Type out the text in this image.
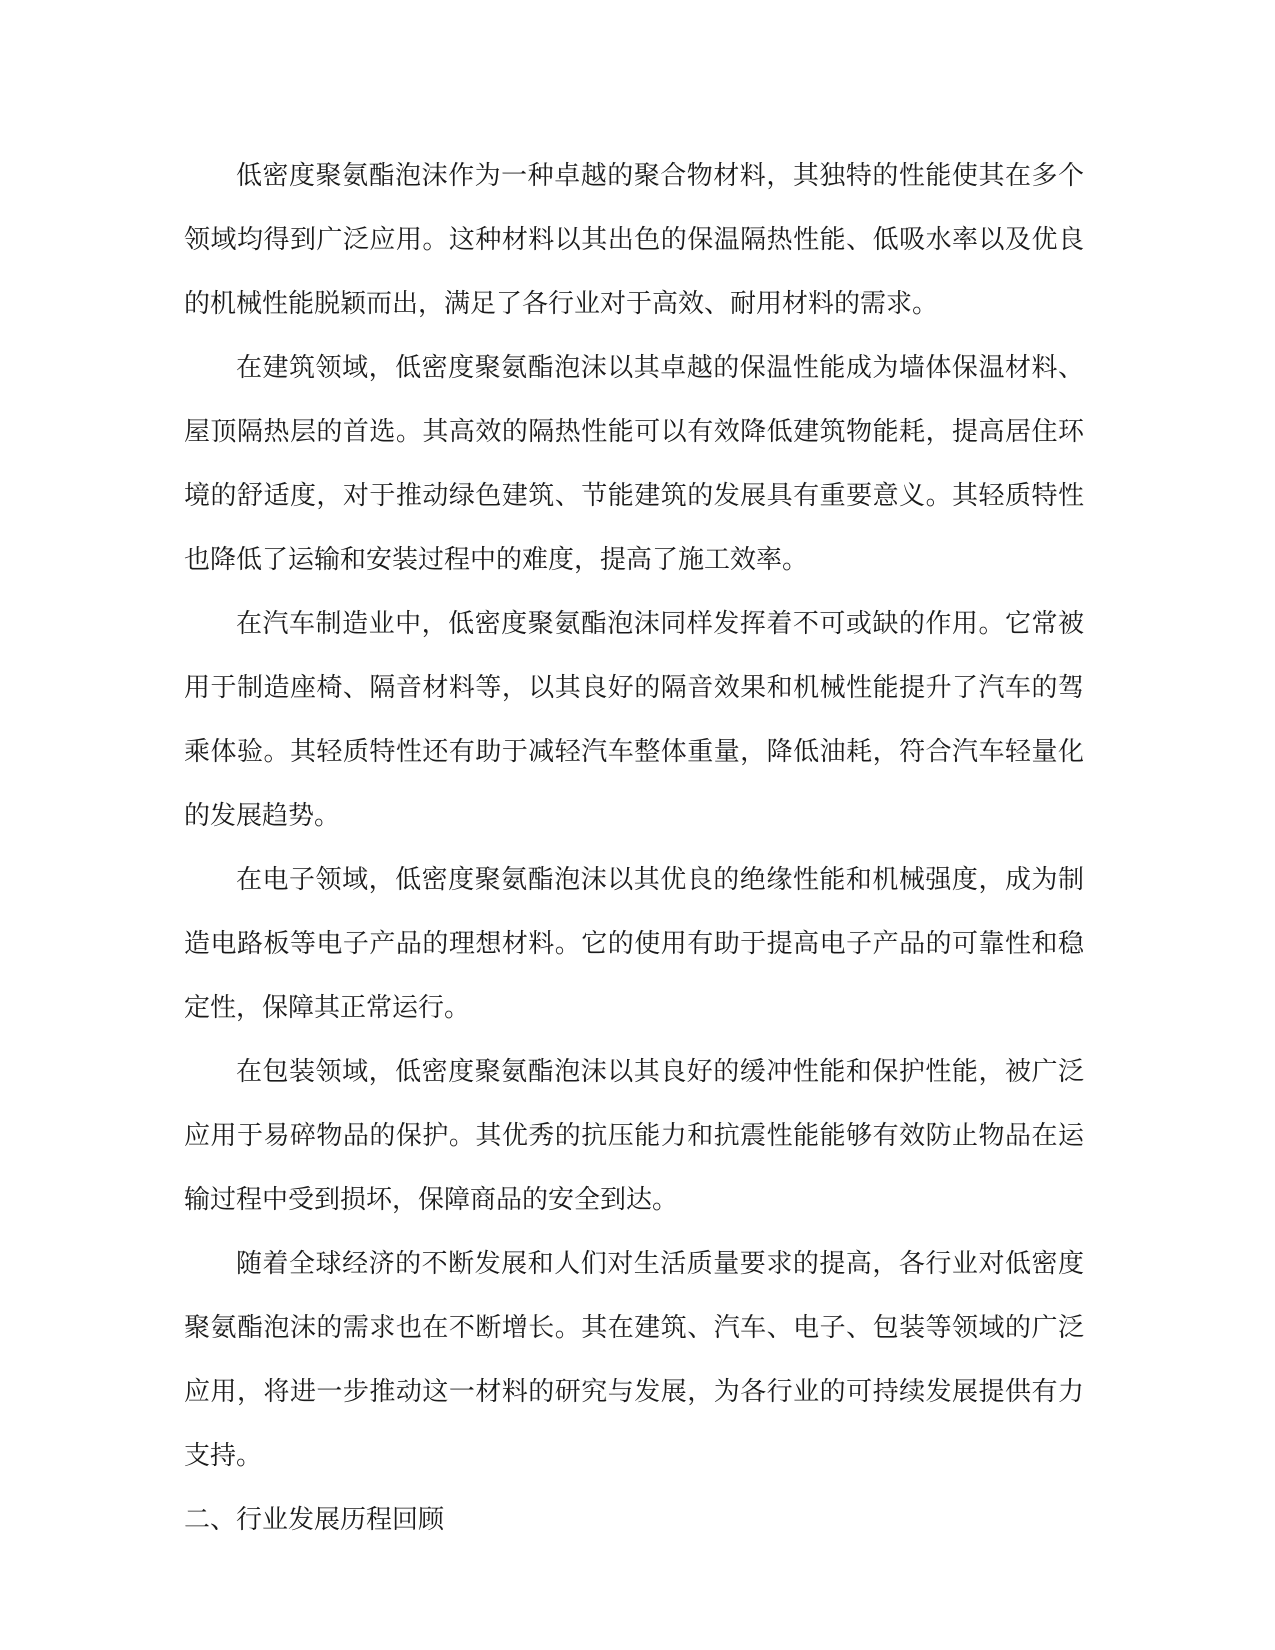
低密度聚氨酯泡沫作为一种卓越的聚合物材料，其独特的性能使其在多个领域均得到广泛应用。这种材料以其出色的保温隔热性能、低吸水率以及优良的机械性能脱颖而出，满足了各行业对于高效、耐用材料的需求。

在建筑领域，低密度聚氨酯泡沫以其卓越的保温性能成为墙体保温材料、屋顶隔热层的首选。其高效的隔热性能可以有效降低建筑物能耗，提高居住环境的舒适度，对于推动绿色建筑、节能建筑的发展具有重要意义。其轻质特性也降低了运输和安装过程中的难度，提高了施工效率。

在汽车制造业中，低密度聚氨酯泡沫同样发挥着不可或缺的作用。它常被用于制造座椅、隔音材料等，以其良好的隔音效果和机械性能提升了汽车的驾乘体验。其轻质特性还有助于减轻汽车整体重量，降低油耗，符合汽车轻量化的发展趋势。

在电子领域，低密度聚氨酯泡沫以其优良的绝缘性能和机械强度，成为制造电路板等电子产品的理想材料。它的使用有助于提高电子产品的可靠性和稳定性，保障其正常运行。

在包装领域，低密度聚氨酯泡沫以其良好的缓冲性能和保护性能，被广泛应用于易碎物品的保护。其优秀的抗压能力和抗震性能能够有效防止物品在运输过程中受到损坏，保障商品的安全到达。

随着全球经济的不断发展和人们对生活质量要求的提高，各行业对低密度聚氨酯泡沫的需求也在不断增长。其在建筑、汽车、电子、包装等领域的广泛应用，将进一步推动这一材料的研究与发展，为各行业的可持续发展提供有力支持。

二、行业发展历程回顾
